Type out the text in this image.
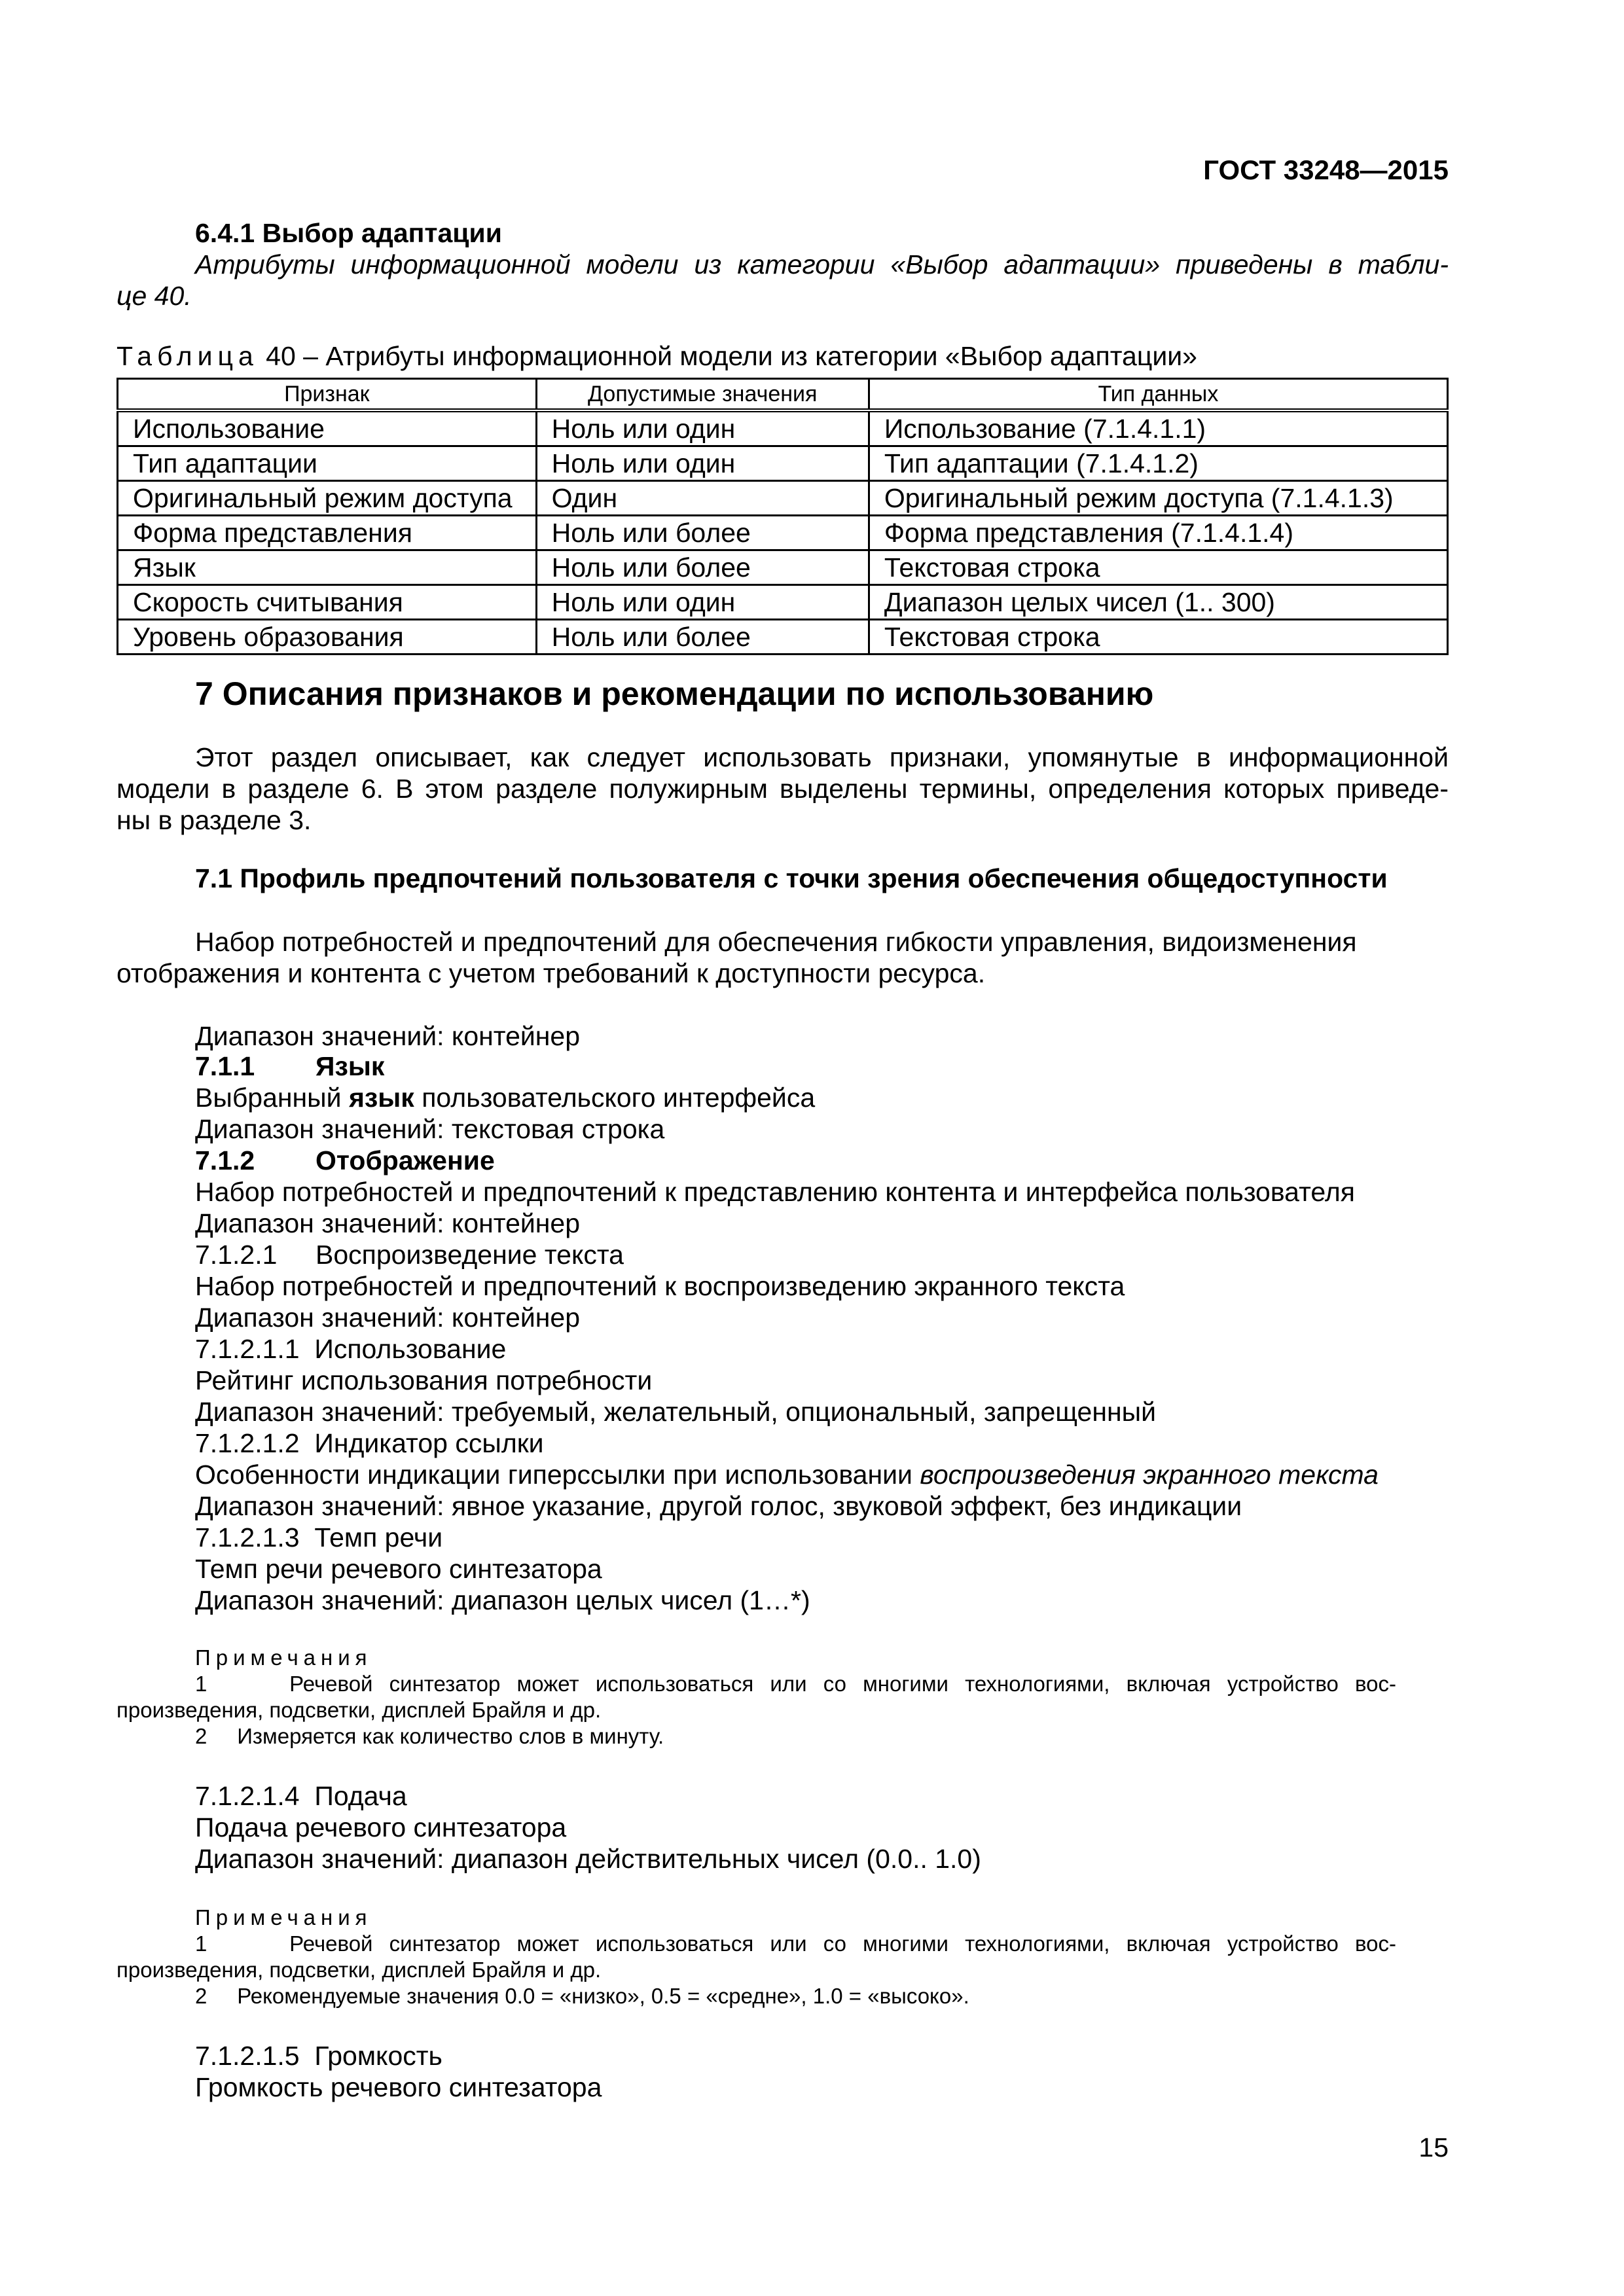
ГОСТ 33248—2015
6.4.1 Выбор адаптации
Атрибуты информационной модели из категории «Выбор адаптации» приведены в табли-
це 40.
Таблица 40 – Атрибуты информационной модели из категории «Выбор адаптации»
Признак	Допустимые значения	Тип данных
Использование	Ноль или один	Использование (7.1.4.1.1)
Тип адаптации	Ноль или один	Тип адаптации (7.1.4.1.2)
Оригинальный режим доступа	Один	Оригинальный режим доступа (7.1.4.1.3)
Форма представления	Ноль или более	Форма представления (7.1.4.1.4)
Язык	Ноль или более	Текстовая строка
Скорость считывания	Ноль или один	Диапазон целых чисел (1.. 300)
Уровень образования	Ноль или более	Текстовая строка
7 Описания признаков и рекомендации по использованию
Этот раздел описывает, как следует использовать признаки, упомянутые в информационной
модели в разделе 6. В этом разделе полужирным выделены термины, определения которых приведе-
ны в разделе 3.
7.1 Профиль предпочтений пользователя с точки зрения обеспечения общедоступности
Набор потребностей и предпочтений для обеспечения гибкости управления, видоизменения
отображения и контента с учетом требований к доступности ресурса.
Диапазон значений: контейнер
7.1.1 Язык
Выбранный язык пользовательского интерфейса
Диапазон значений: текстовая строка
7.1.2 Отображение
Набор потребностей и предпочтений к представлению контента и интерфейса пользователя
Диапазон значений: контейнер
7.1.2.1 Воспроизведение текста
Набор потребностей и предпочтений к воспроизведению экранного текста
Диапазон значений: контейнер
7.1.2.1.1  Использование
Рейтинг использования потребности
Диапазон значений: требуемый, желательный, опциональный, запрещенный
7.1.2.1.2  Индикатор ссылки
Особенности индикации гиперссылки при использовании воспроизведения экранного текста
Диапазон значений: явное указание, другой голос, звуковой эффект, без индикации
7.1.2.1.3  Темп речи
Темп речи речевого синтезатора
Диапазон значений: диапазон целых чисел (1…*)
Примечания
1     Речевой синтезатор может использоваться или со многими технологиями, включая устройство вос-
произведения, подсветки, дисплей Брайля и др.
2     Измеряется как количество слов в минуту.
7.1.2.1.4  Подача
Подача речевого синтезатора
Диапазон значений: диапазон действительных чисел (0.0.. 1.0)
Примечания
1     Речевой синтезатор может использоваться или со многими технологиями, включая устройство вос-
произведения, подсветки, дисплей Брайля и др.
2     Рекомендуемые значения 0.0 = «низко», 0.5 = «средне», 1.0 = «высоко».
7.1.2.1.5  Громкость
Громкость речевого синтезатора
15
